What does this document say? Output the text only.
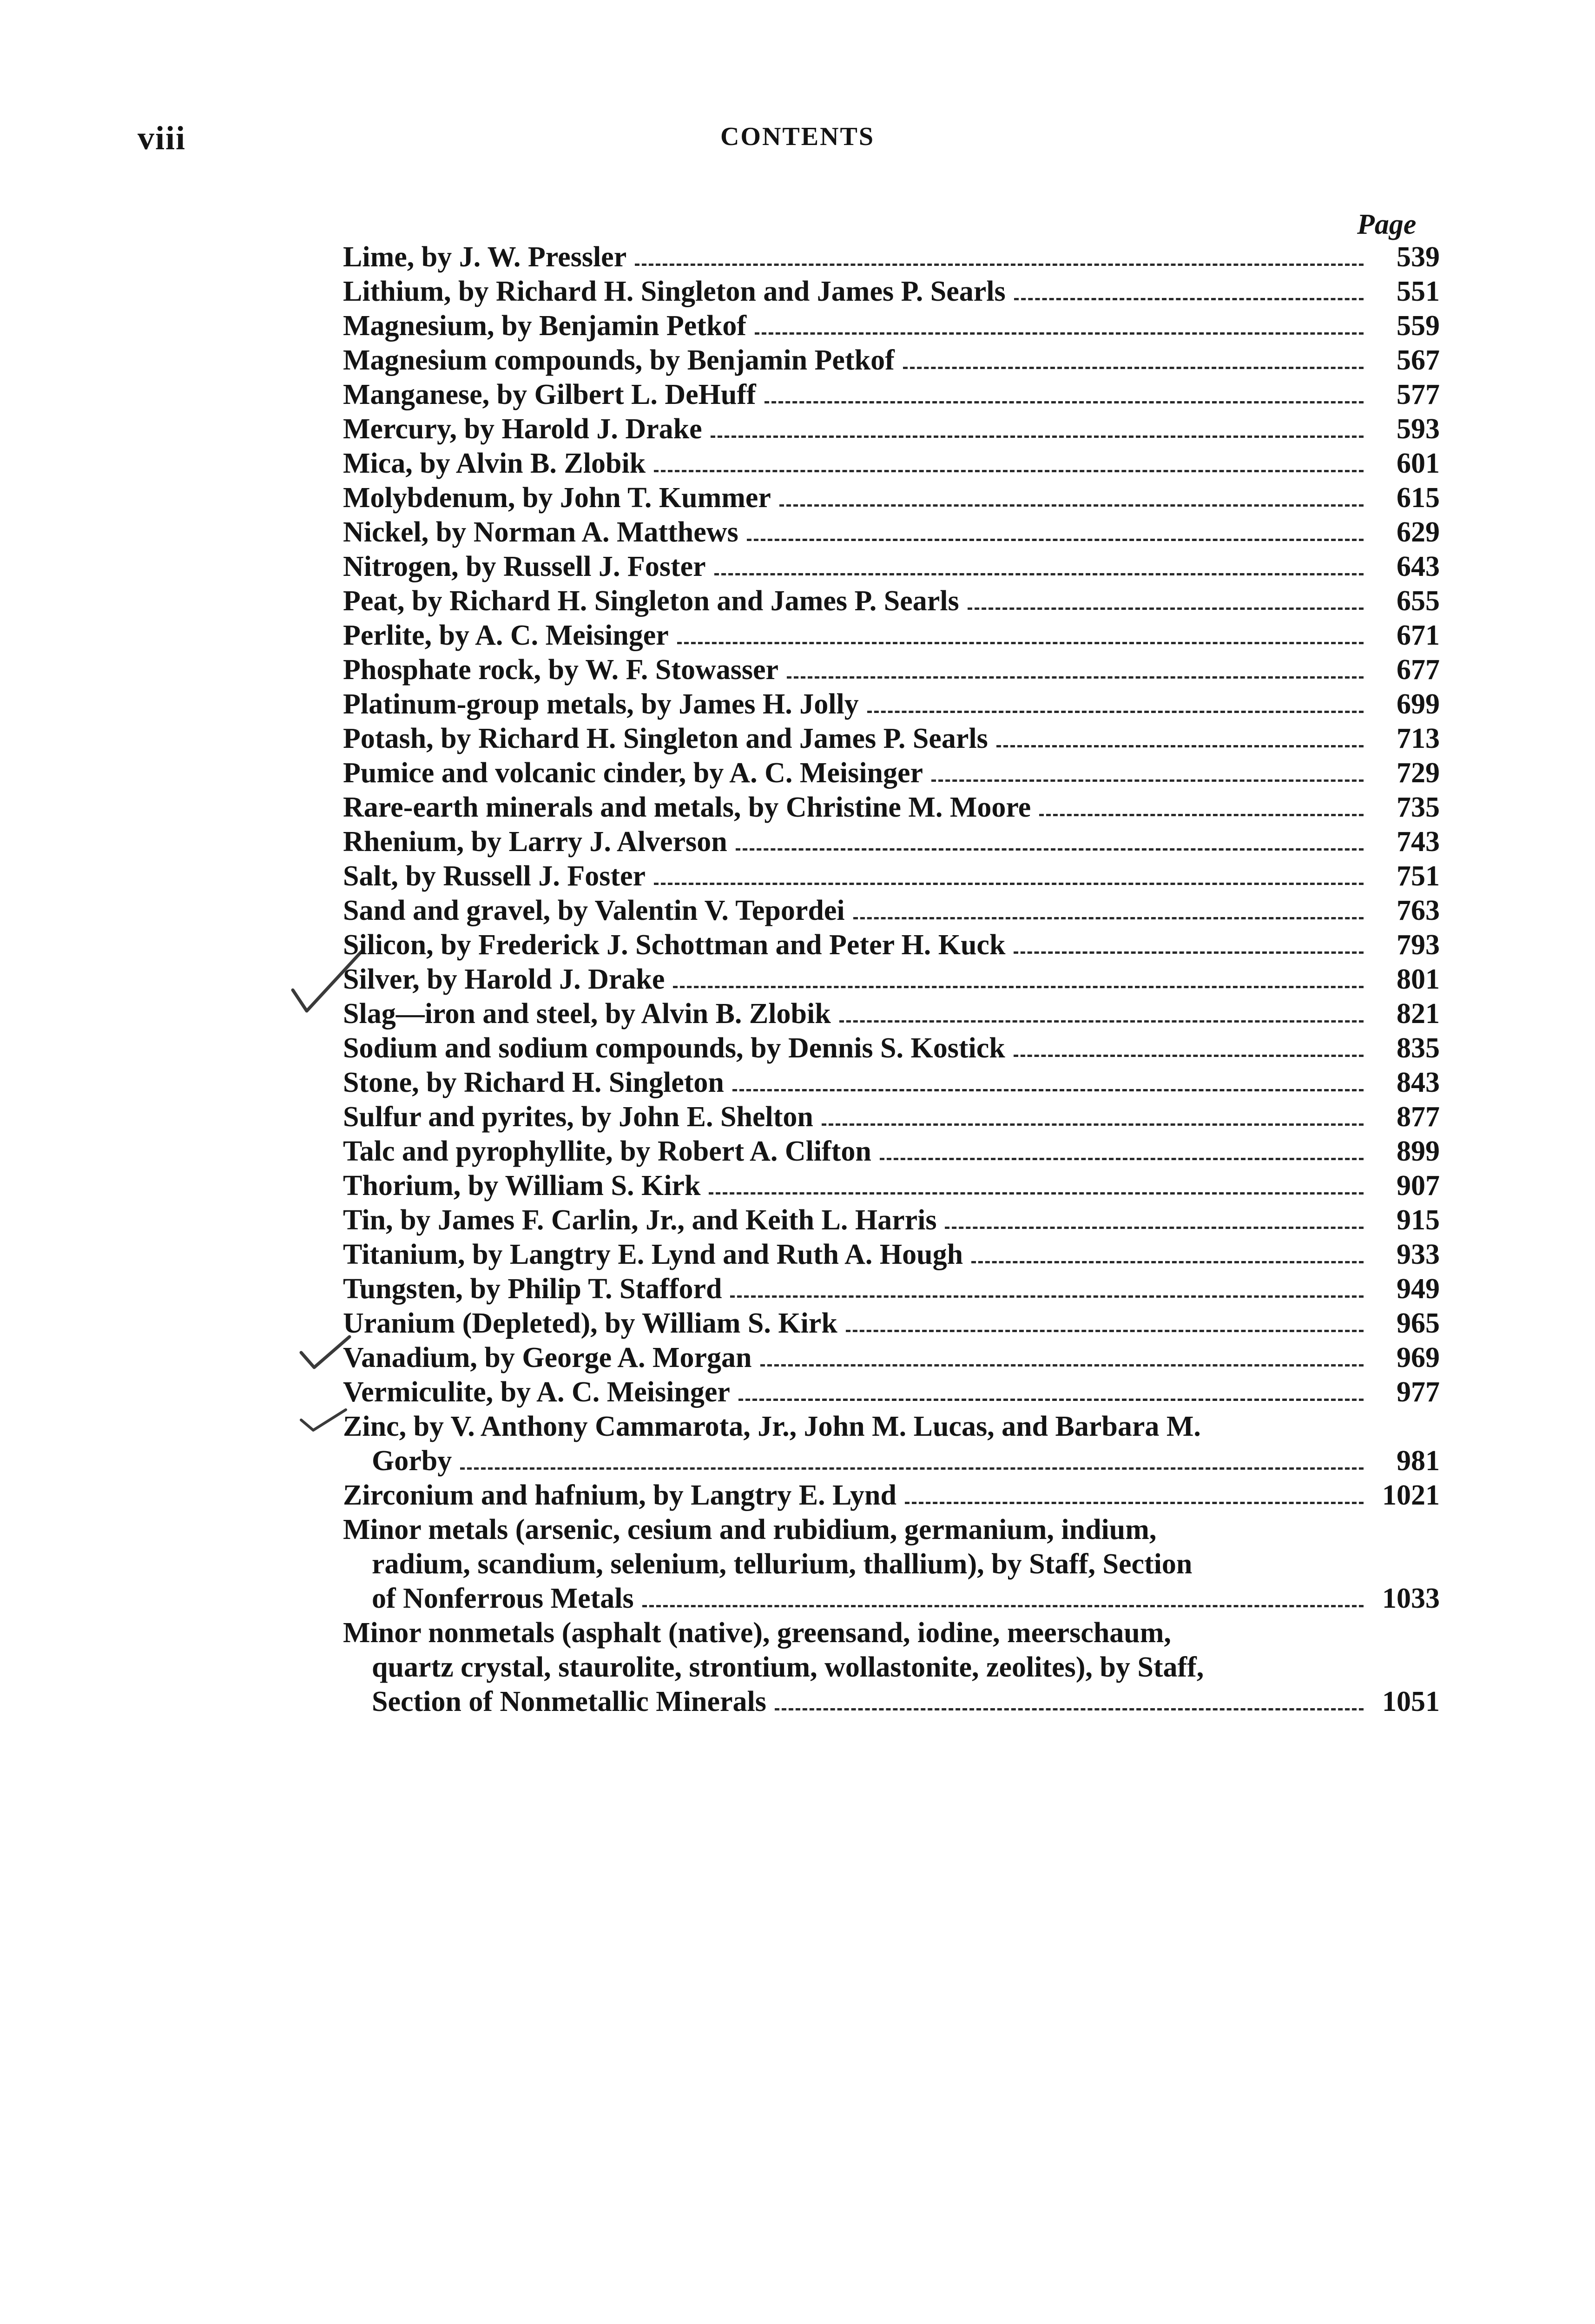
viii	CONTENTS
Page
Lime, by J. W. Pressler	539
Lithium, by Richard H. Singleton and James P. Searls	551
Magnesium, by Benjamin Petkof	559
Magnesium compounds, by Benjamin Petkof	567
Manganese, by Gilbert L. DeHuff	577
Mercury, by Harold J. Drake	593
Mica, by Alvin B. Zlobik	601
Molybdenum, by John T. Kummer	615
Nickel, by Norman A. Matthews	629
Nitrogen, by Russell J. Foster	643
Peat, by Richard H. Singleton and James P. Searls	655
Perlite, by A. C. Meisinger	671
Phosphate rock, by W. F. Stowasser	677
Platinum-group metals, by James H. Jolly	699
Potash, by Richard H. Singleton and James P. Searls	713
Pumice and volcanic cinder, by A. C. Meisinger	729
Rare-earth minerals and metals, by Christine M. Moore	735
Rhenium, by Larry J. Alverson	743
Salt, by Russell J. Foster	751
Sand and gravel, by Valentin V. Tepordei	763
Silicon, by Frederick J. Schottman and Peter H. Kuck	793
Silver, by Harold J. Drake	801
Slag—iron and steel, by Alvin B. Zlobik	821
Sodium and sodium compounds, by Dennis S. Kostick	835
Stone, by Richard H. Singleton	843
Sulfur and pyrites, by John E. Shelton	877
Talc and pyrophyllite, by Robert A. Clifton	899
Thorium, by William S. Kirk	907
Tin, by James F. Carlin, Jr., and Keith L. Harris	915
Titanium, by Langtry E. Lynd and Ruth A. Hough	933
Tungsten, by Philip T. Stafford	949
Uranium (Depleted), by William S. Kirk	965
Vanadium, by George A. Morgan	969
Vermiculite, by A. C. Meisinger	977
Zinc, by V. Anthony Cammarota, Jr., John M. Lucas, and Barbara M.
Gorby	981
Zirconium and hafnium, by Langtry E. Lynd	1021
Minor metals (arsenic, cesium and rubidium, germanium, indium,
radium, scandium, selenium, tellurium, thallium), by Staff, Section
of Nonferrous Metals	1033
Minor nonmetals (asphalt (native), greensand, iodine, meerschaum,
quartz crystal, staurolite, strontium, wollastonite, zeolites), by Staff,
Section of Nonmetallic Minerals	1051
